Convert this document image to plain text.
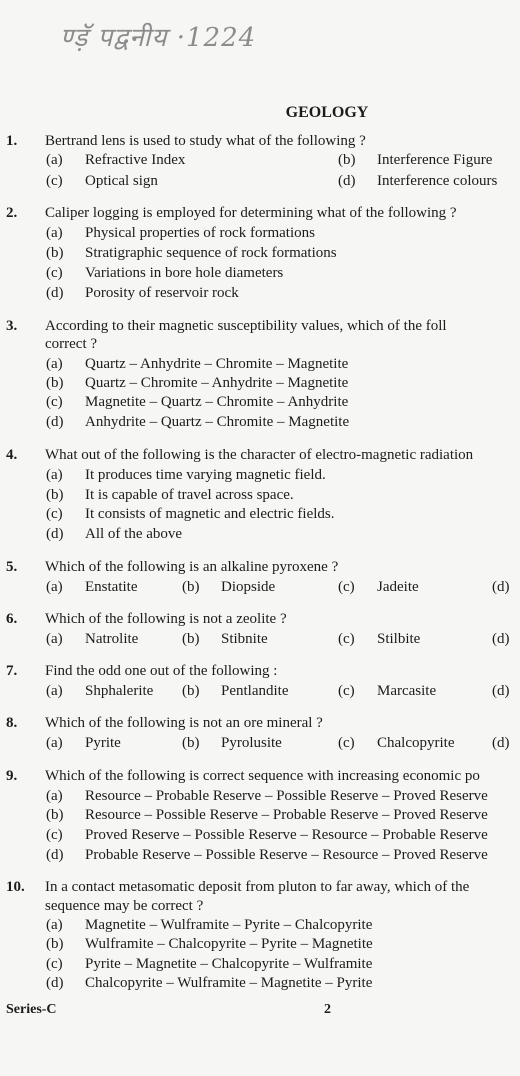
ण्ड़ॅ पद्वनीय ·1224
GEOLOGY
1. Bertrand lens is used to study what of the following ?
(a) Refractive Index	(b) Interference Figure
(c) Optical sign	(d) Interference colours
2. Caliper logging is employed for determining what of the following ?
(a) Physical properties of rock formations
(b) Stratigraphic sequence of rock formations
(c) Variations in bore hole diameters
(d) Porosity of reservoir rock
3. According to their magnetic susceptibility values, which of the foll
correct ?
(a) Quartz – Anhydrite – Chromite – Magnetite
(b) Quartz – Chromite – Anhydrite – Magnetite
(c) Magnetite – Quartz – Chromite – Anhydrite
(d) Anhydrite – Quartz – Chromite – Magnetite
4. What out of the following is the character of electro-magnetic radiation
(a) It produces time varying magnetic field.
(b) It is capable of travel across space.
(c) It consists of magnetic and electric fields.
(d) All of the above
5. Which of the following is an alkaline pyroxene ?
(a) Enstatite	(b) Diopside	(c) Jadeite	(d)
6. Which of the following is not a zeolite ?
(a) Natrolite	(b) Stibnite	(c) Stilbite	(d)
7. Find the odd one out of the following :
(a) Shphalerite (b) Pentlandite	(c) Marcasite	(d)
8. Which of the following is not an ore mineral ?
(a) Pyrite	(b) Pyrolusite	(c) Chalcopyrite	(d)
9. Which of the following is correct sequence with increasing economic po
(a) Resource – Probable Reserve – Possible Reserve – Proved Reserve
(b) Resource – Possible Reserve – Probable Reserve – Proved Reserve
(c) Proved Reserve – Possible Reserve – Resource – Probable Reserve
(d) Probable Reserve – Possible Reserve – Resource – Proved Reserve
10. In a contact metasomatic deposit from pluton to far away, which of the
sequence may be correct ?
(a) Magnetite – Wulframite – Pyrite – Chalcopyrite
(b) Wulframite – Chalcopyrite – Pyrite – Magnetite
(c) Pyrite – Magnetite – Chalcopyrite – Wulframite
(d) Chalcopyrite – Wulframite – Magnetite – Pyrite
Series-C	2
